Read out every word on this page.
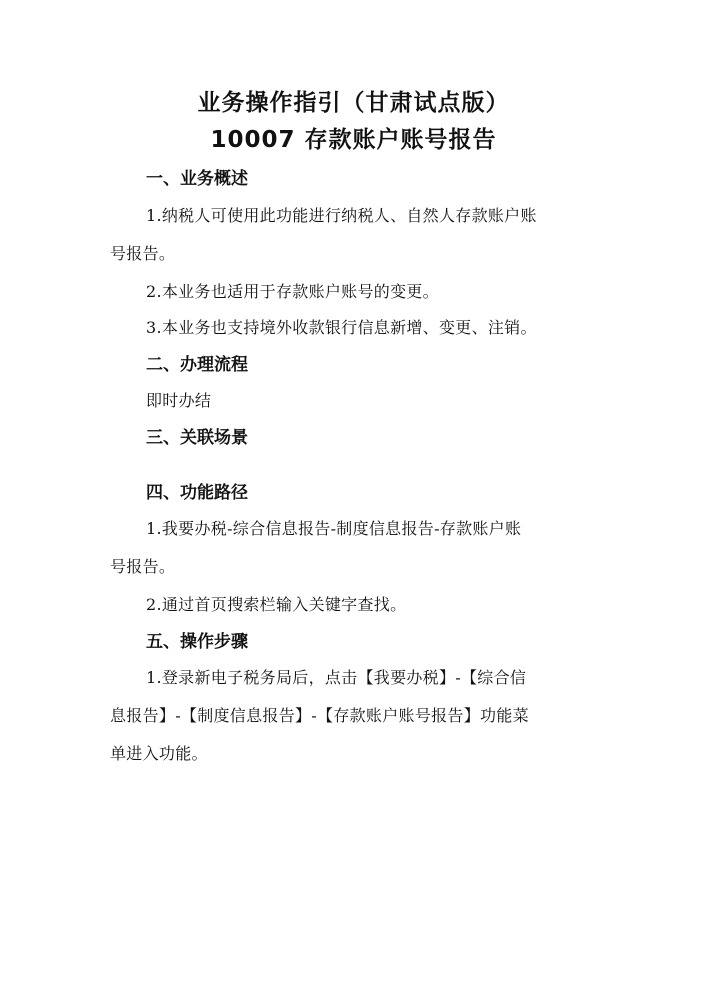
业务操作指引（甘肃试点版）
10007 存款账户账号报告
一、业务概述
1.纳税人可使用此功能进行纳税人、自然人存款账户账
号报告。
2.本业务也适用于存款账户账号的变更。
3.本业务也支持境外收款银行信息新增、变更、注销。
二、办理流程
即时办结
三、关联场景
四、功能路径
1.我要办税-综合信息报告-制度信息报告-存款账户账
号报告。
2.通过首页搜索栏输入关键字查找。
五、操作步骤
1.登录新电子税务局后，点击【我要办税】-【综合信
息报告】-【制度信息报告】-【存款账户账号报告】功能菜
单进入功能。
